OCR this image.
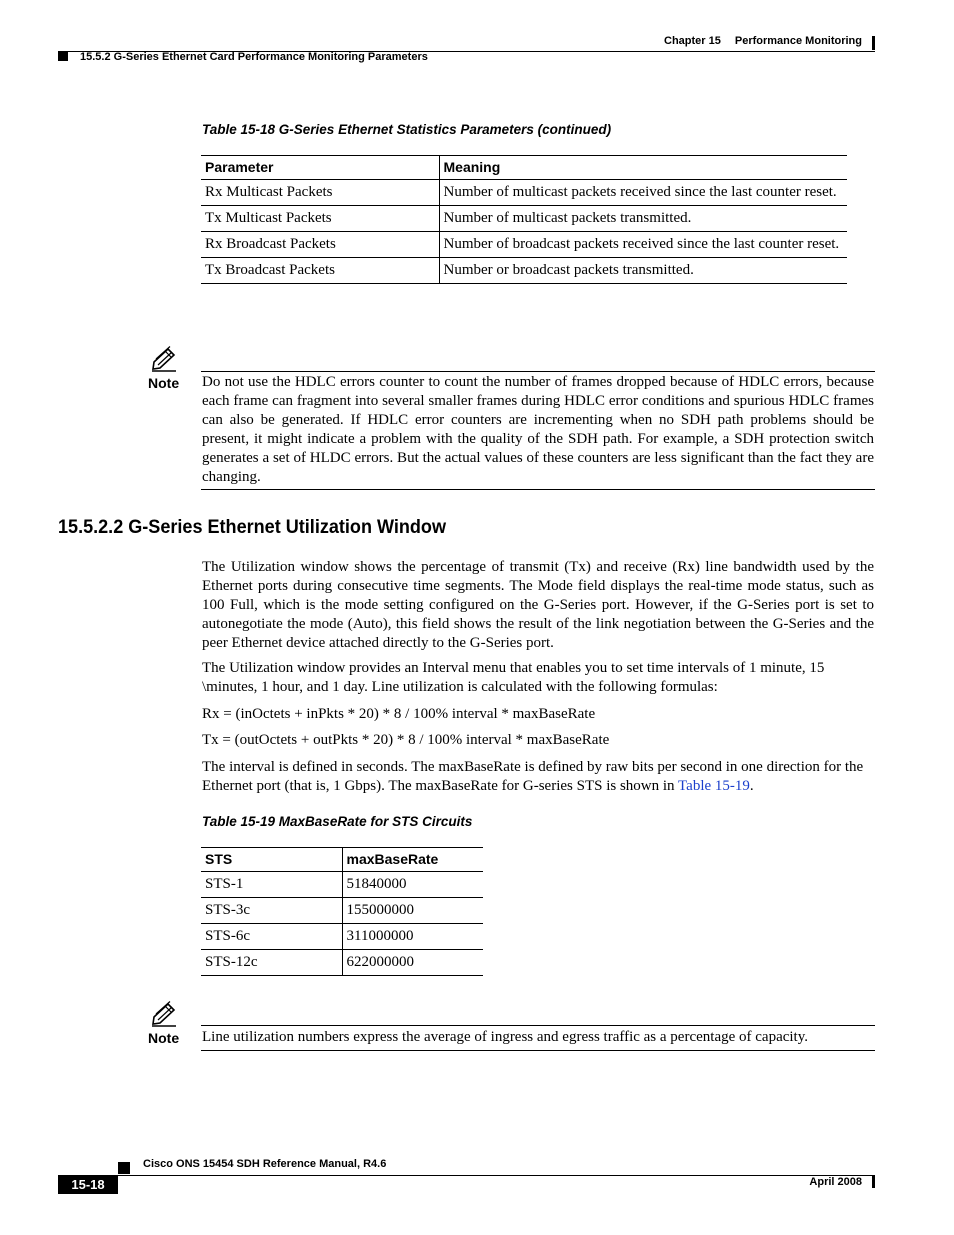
Chapter 15 Performance Monitoring
15.5.2 G-Series Ethernet Card Performance Monitoring Parameters
Table 15-18 G-Series Ethernet Statistics Parameters (continued)
Parameter	Meaning
Rx Multicast Packets	Number of multicast packets received since the last counter reset.
Tx Multicast Packets	Number of multicast packets transmitted.
Rx Broadcast Packets	Number of broadcast packets received since the last counter reset.
Tx Broadcast Packets	Number or broadcast packets transmitted.
Note Do not use the HDLC errors counter to count the number of frames dropped because of HDLC errors, because each frame can fragment into several smaller frames during HDLC error conditions and spurious HDLC frames can also be generated. If HDLC error counters are incrementing when no SDH path problems should be present, it might indicate a problem with the quality of the SDH path. For example, a SDH protection switch generates a set of HLDC errors. But the actual values of these counters are less significant than the fact they are changing.
15.5.2.2 G-Series Ethernet Utilization Window

The Utilization window shows the percentage of transmit (Tx) and receive (Rx) line bandwidth used by the Ethernet ports during consecutive time segments. The Mode field displays the real-time mode status, such as 100 Full, which is the mode setting configured on the G-Series port. However, if the G-Series port is set to autonegotiate the mode (Auto), this field shows the result of the link negotiation between the G-Series and the peer Ethernet device attached directly to the G-Series port.

The Utilization window provides an Interval menu that enables you to set time intervals of 1 minute, 15 \minutes, 1 hour, and 1 day. Line utilization is calculated with the following formulas:

Rx = (inOctets + inPkts * 20) * 8 / 100% interval * maxBaseRate

Tx = (outOctets + outPkts * 20) * 8 / 100% interval * maxBaseRate

The interval is defined in seconds. The maxBaseRate is defined by raw bits per second in one direction for the Ethernet port (that is, 1 Gbps). The maxBaseRate for G-series STS is shown in Table 15-19.

Table 15-19 MaxBaseRate for STS Circuits
STS	maxBaseRate
STS-1	51840000
STS-3c	155000000
STS-6c	311000000
STS-12c	622000000
Note Line utilization numbers express the average of ingress and egress traffic as a percentage of capacity.
Cisco ONS 15454 SDH Reference Manual, R4.6
15-18	April 2008
